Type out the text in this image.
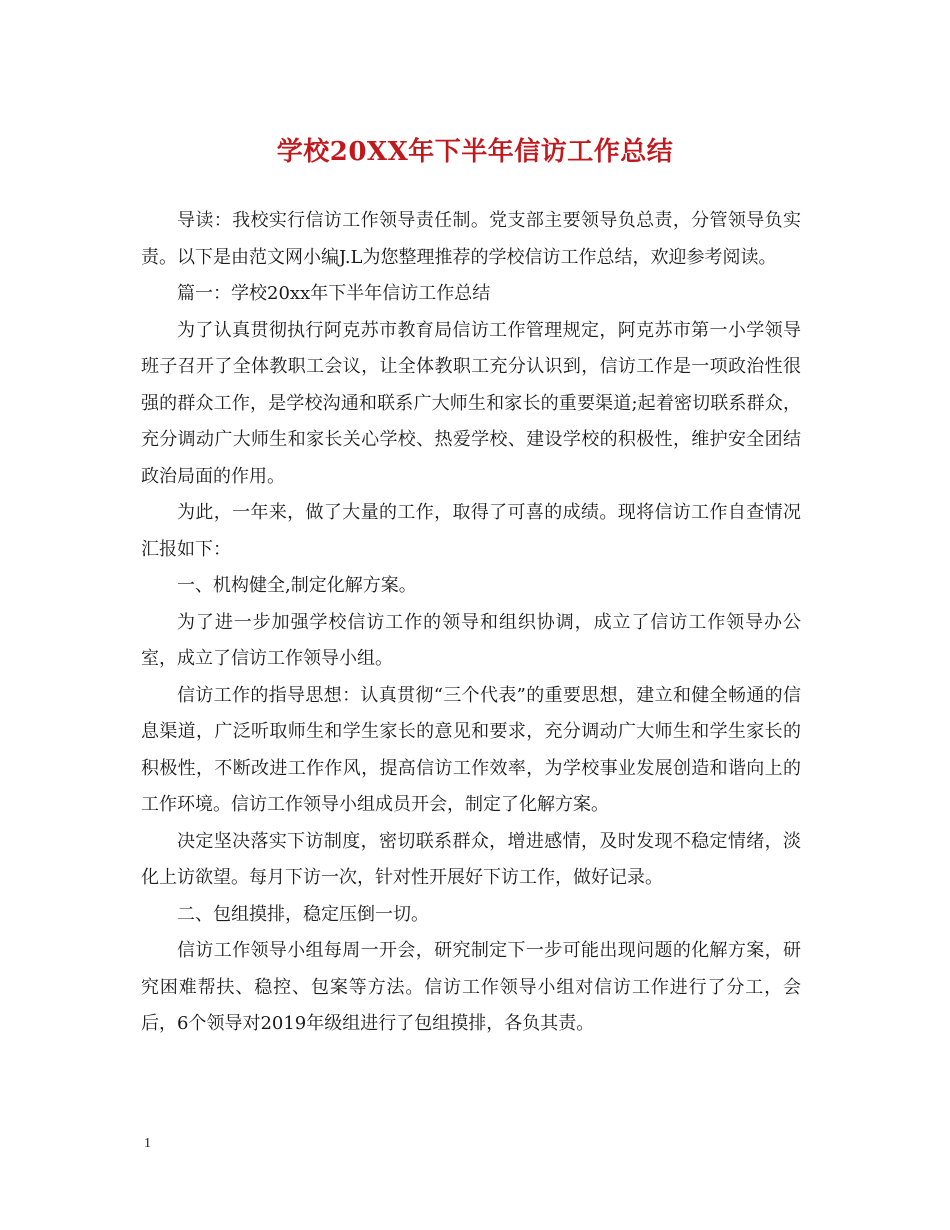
学校20XX年下半年信访工作总结

导读：我校实行信访工作领导责任制。党支部主要领导负总责，分管领导负实责。以下是由范文网小编J.L为您整理推荐的学校信访工作总结，欢迎参考阅读。

篇一：学校20xx年下半年信访工作总结

为了认真贯彻执行阿克苏市教育局信访工作管理规定，阿克苏市第一小学领导班子召开了全体教职工会议，让全体教职工充分认识到，信访工作是一项政治性很强的群众工作，是学校沟通和联系广大师生和家长的重要渠道;起着密切联系群众，充分调动广大师生和家长关心学校、热爱学校、建设学校的积极性，维护安全团结政治局面的作用。

为此，一年来，做了大量的工作，取得了可喜的成绩。现将信访工作自查情况汇报如下：

一、机构健全,制定化解方案。

为了进一步加强学校信访工作的领导和组织协调，成立了信访工作领导办公室，成立了信访工作领导小组。

信访工作的指导思想：认真贯彻“三个代表”的重要思想，建立和健全畅通的信息渠道，广泛听取师生和学生家长的意见和要求，充分调动广大师生和学生家长的积极性，不断改进工作作风，提高信访工作效率，为学校事业发展创造和谐向上的工作环境。信访工作领导小组成员开会，制定了化解方案。

决定坚决落实下访制度，密切联系群众，增进感情，及时发现不稳定情绪，淡化上访欲望。每月下访一次，针对性开展好下访工作，做好记录。

二、包组摸排，稳定压倒一切。

信访工作领导小组每周一开会，研究制定下一步可能出现问题的化解方案，研究困难帮扶、稳控、包案等方法。信访工作领导小组对信访工作进行了分工，会后，6个领导对2019年级组进行了包组摸排，各负其责。

1
